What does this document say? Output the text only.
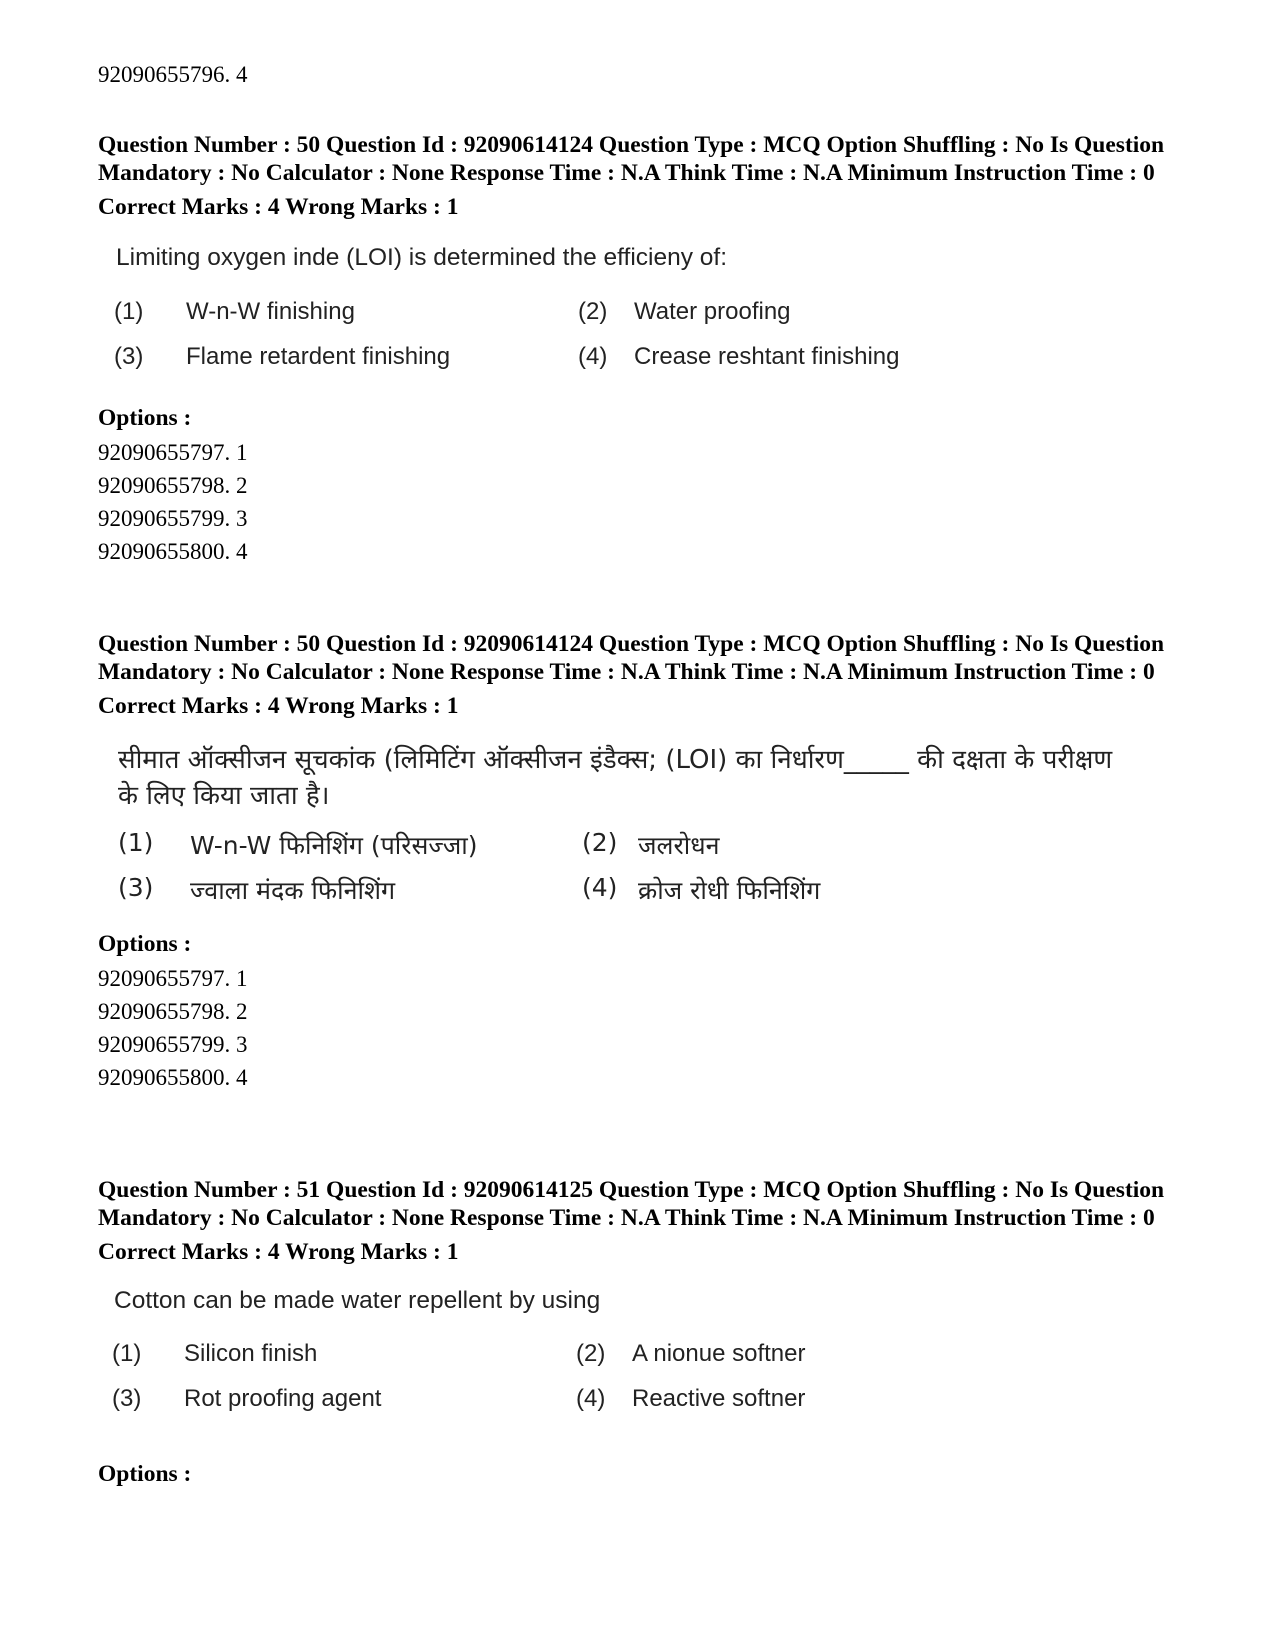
92090655796. 4

Question Number : 50 Question Id : 92090614124 Question Type : MCQ Option Shuffling : No Is Question Mandatory : No Calculator : None Response Time : N.A Think Time : N.A Minimum Instruction Time : 0

Correct Marks : 4 Wrong Marks : 1
Limiting oxygen inde (LOI) is determined the efficieny of:
(1) W-n-W finishing	(2) Water proofing
(3) Flame retardent finishing	(4) Crease reshtant finishing
Options :
92090655797. 1
92090655798. 2
92090655799. 3
92090655800. 4

Question Number : 50 Question Id : 92090614124 Question Type : MCQ Option Shuffling : No Is Question Mandatory : No Calculator : None Response Time : N.A Think Time : N.A Minimum Instruction Time : 0

Correct Marks : 4 Wrong Marks : 1
सीमात ऑक्सीजन सूचकांक (लिमिटिंग ऑक्सीजन इंडैक्स; (LOI) का निर्धारण_____ की दक्षता के परीक्षण के लिए किया जाता है।
(1) W-n-W फिनिशिंग (परिसज्जा)	(2) जलरोधन
(3) ज्वाला मंदक फिनिशिंग	(4) क्रोज रोधी फिनिशिंग
Options :
92090655797. 1
92090655798. 2
92090655799. 3
92090655800. 4

Question Number : 51 Question Id : 92090614125 Question Type : MCQ Option Shuffling : No Is Question Mandatory : No Calculator : None Response Time : N.A Think Time : N.A Minimum Instruction Time : 0

Correct Marks : 4 Wrong Marks : 1
Cotton can be made water repellent by using
(1) Silicon finish	(2) A nionue softner
(3) Rot proofing agent	(4) Reactive softner
Options :
